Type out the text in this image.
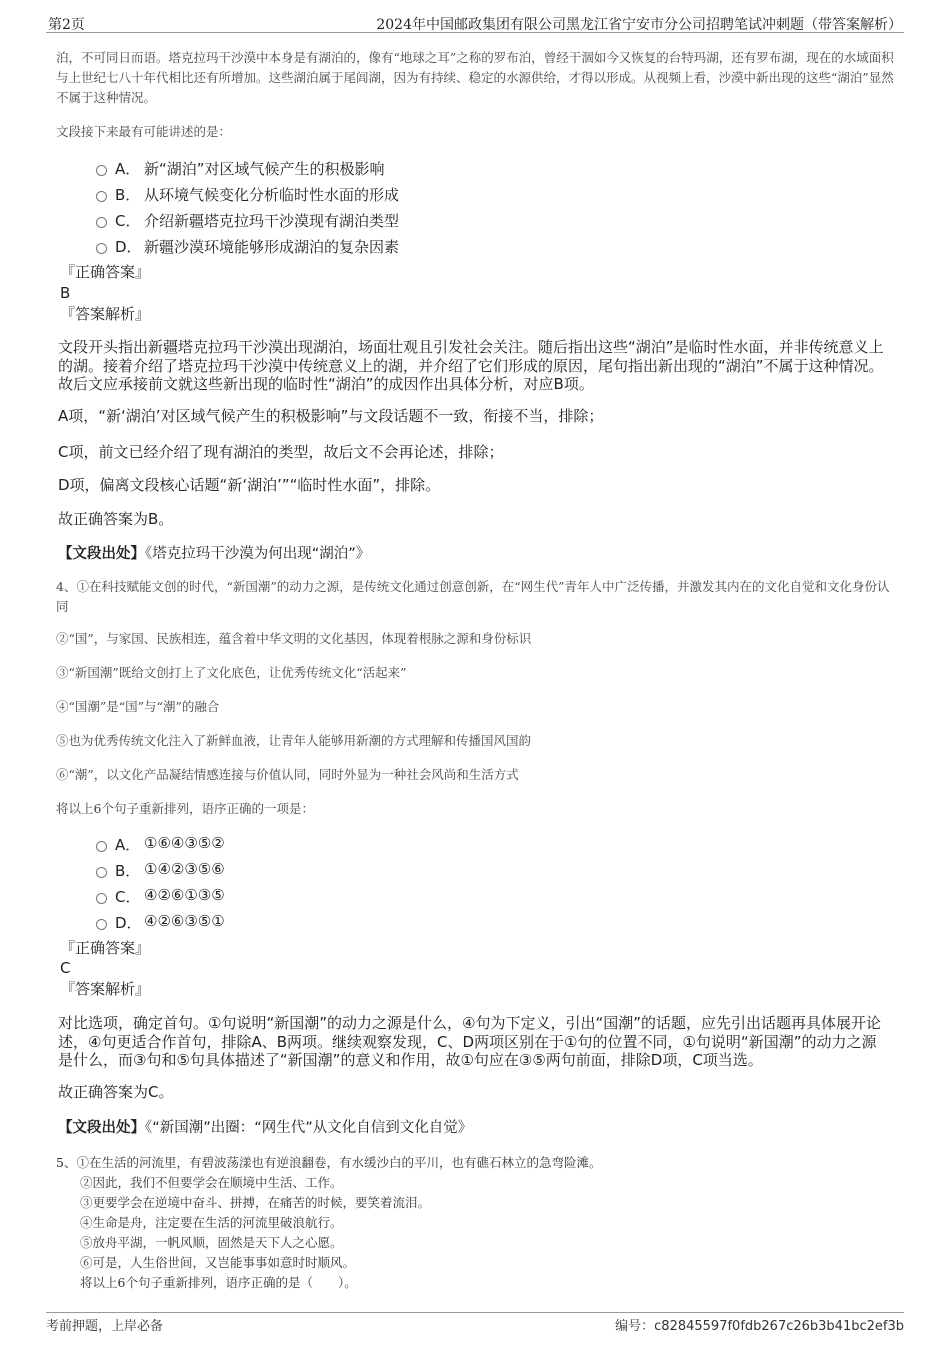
第2页	2024年中国邮政集团有限公司黑龙江省宁安市分公司招聘笔试冲刺题（带答案解析）

泊，不可同日而语。塔克拉玛干沙漠中本身是有湖泊的，像有“地球之耳”之称的罗布泊，曾经干涸如今又恢复的台特玛湖，还有罗布湖，现在的水域面积与上世纪七八十年代相比还有所增加。这些湖泊属于尾闾湖，因为有持续、稳定的水源供给，才得以形成。从视频上看，沙漠中新出现的这些“湖泊”显然不属于这种情况。

文段接下来最有可能讲述的是：

A． 新“湖泊”对区域气候产生的积极影响
B． 从环境气候变化分析临时性水面的形成
C． 介绍新疆塔克拉玛干沙漠现有湖泊类型
D． 新疆沙漠环境能够形成湖泊的复杂因素
『正确答案』
B
『答案解析』

文段开头指出新疆塔克拉玛干沙漠出现湖泊，场面壮观且引发社会关注。随后指出这些“湖泊”是临时性水面，并非传统意义上的湖。接着介绍了塔克拉玛干沙漠中传统意义上的湖，并介绍了它们形成的原因，尾句指出新出现的“湖泊”不属于这种情况。故后文应承接前文就这些新出现的临时性“湖泊”的成因作出具体分析，对应B项。

A项，“新‘湖泊’对区域气候产生的积极影响”与文段话题不一致，衔接不当，排除；

C项，前文已经介绍了现有湖泊的类型，故后文不会再论述，排除；

D项，偏离文段核心话题“新‘湖泊’”“临时性水面”，排除。

故正确答案为B。

【文段出处】《塔克拉玛干沙漠为何出现“湖泊”》

4、①在科技赋能文创的时代，“新国潮”的动力之源，是传统文化通过创意创新，在“网生代”青年人中广泛传播，并激发其内在的文化自觉和文化身份认同

②“国”，与家国、民族相连，蕴含着中华文明的文化基因，体现着根脉之源和身份标识

③“新国潮”既给文创打上了文化底色，让优秀传统文化“活起来”

④“国潮”是“国”与“潮”的融合

⑤也为优秀传统文化注入了新鲜血液，让青年人能够用新潮的方式理解和传播国风国韵

⑥“潮”，以文化产品凝结情感连接与价值认同，同时外显为一种社会风尚和生活方式

将以上6个句子重新排列，语序正确的一项是：

A． ①⑥④③⑤②
B． ①④②③⑤⑥
C． ④②⑥①③⑤
D． ④②⑥③⑤①
『正确答案』
C
『答案解析』

对比选项，确定首句。①句说明“新国潮”的动力之源是什么，④句为下定义，引出“国潮”的话题，应先引出话题再具体展开论述，④句更适合作首句，排除A、B两项。继续观察发现，C、D两项区别在于①句的位置不同，①句说明“新国潮”的动力之源是什么，而③句和⑤句具体描述了“新国潮”的意义和作用，故①句应在③⑤两句前面，排除D项，C项当选。

故正确答案为C。

【文段出处】《“新国潮”出圈：“网生代”从文化自信到文化自觉》
5、①在生活的河流里，有碧波荡漾也有逆浪翻卷，有水缓沙白的平川，也有礁石林立的急弯险滩。
②因此，我们不但要学会在顺境中生活、工作。
③更要学会在逆境中奋斗、拼搏，在痛苦的时候，要笑着流泪。
④生命是舟，注定要在生活的河流里破浪航行。
⑤放舟平湖，一帆风顺，固然是天下人之心愿。
⑥可是，人生俗世间，又岂能事事如意时时顺风。
将以上6个句子重新排列，语序正确的是（　　）。
考前押题，上岸必备	编号：c82845597f0fdb267c26b3b41bc2ef3b
